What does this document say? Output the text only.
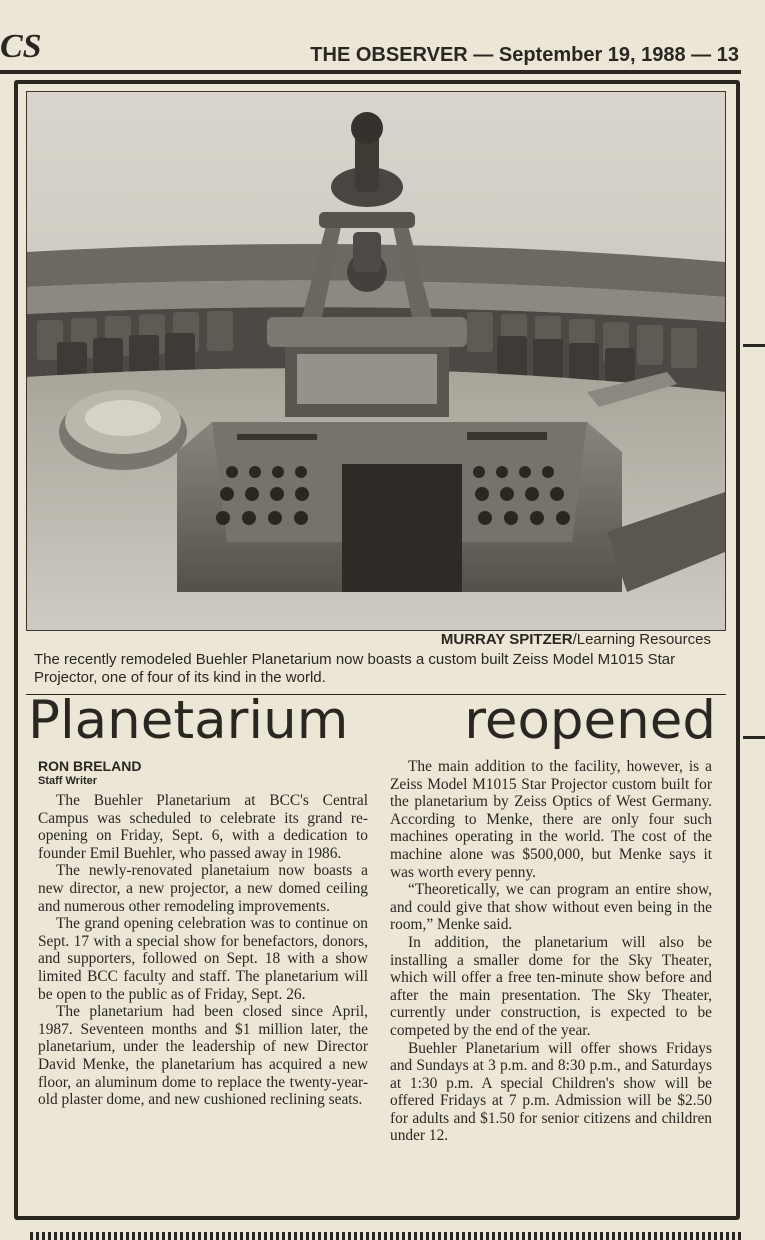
CS	THE OBSERVER — September 19, 1988 — 13
MURRAY SPITZER/Learning Resources
The recently remodeled Buehler Planetarium now boasts a custom built Zeiss Model M1015 Star Projector, one of four of its kind in the world.
Planetarium reopened
RON BRELAND
Staff Writer

The Buehler Planetarium at BCC's Central Campus was scheduled to celebrate its grand re-opening on Friday, Sept. 6, with a dedication to founder Emil Buehler, who passed away in 1986.

The newly-renovated planetaium now boasts a new director, a new projector, a new domed ceiling and numerous other remodeling improvements.

The grand opening celebration was to continue on Sept. 17 with a special show for benefactors, donors, and supporters, followed on Sept. 18 with a show limited BCC faculty and staff. The planetarium will be open to the public as of Friday, Sept. 26.

The planetarium had been closed since April, 1987. Seventeen months and $1 million later, the planetarium, under the leadership of new Director David Menke, the planetarium has acquired a new floor, an aluminum dome to replace the twenty-year-old plaster dome, and new cushioned reclining seats.

The main addition to the facility, however, is a Zeiss Model M1015 Star Projector custom built for the planetarium by Zeiss Optics of West Germany. According to Menke, there are only four such machines operating in the world. The cost of the machine alone was $500,000, but Menke says it was worth every penny.

“Theoretically, we can program an entire show, and could give that show without even being in the room,” Menke said.

In addition, the planetarium will also be installing a smaller dome for the Sky Theater, which will offer a free ten-minute show before and after the main presentation. The Sky Theater, currently under construction, is expected to be competed by the end of the year.

Buehler Planetarium will offer shows Fridays and Sundays at 3 p.m. and 8:30 p.m., and Saturdays at 1:30 p.m. A special Children's show will be offered Fridays at 7 p.m. Admission will be $2.50 for adults and $1.50 for senior citizens and children under 12.
